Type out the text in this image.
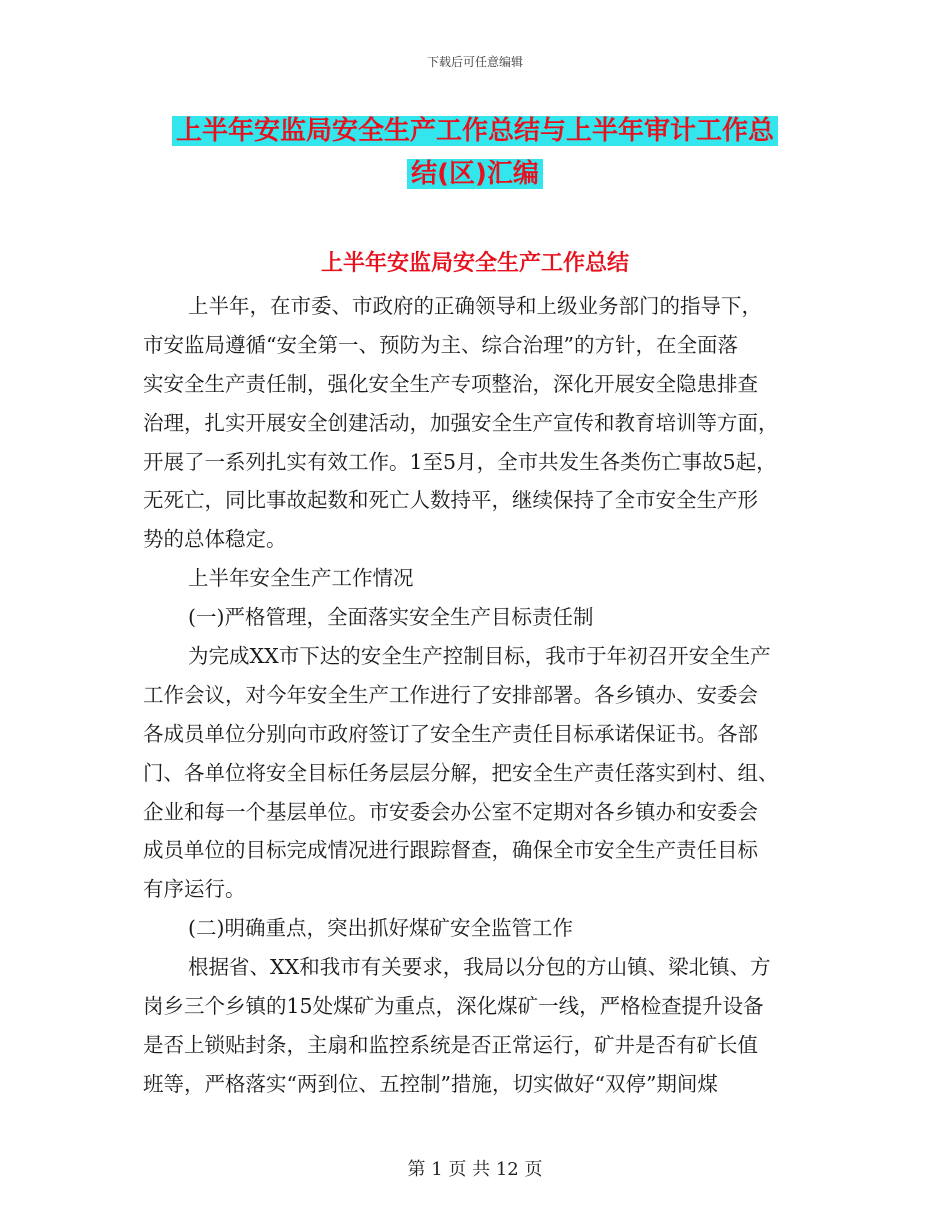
下载后可任意编辑
上半年安监局安全生产工作总结与上半年审计工作总
结(区)汇编
上半年安监局安全生产工作总结
上半年，在市委、市政府的正确领导和上级业务部门的指导下，
市安监局遵循“安全第一、预防为主、综合治理”的方针，在全面落
实安全生产责任制，强化安全生产专项整治，深化开展安全隐患排查
治理，扎实开展安全创建活动，加强安全生产宣传和教育培训等方面，
开展了一系列扎实有效工作。1至5月，全市共发生各类伤亡事故5起，
无死亡，同比事故起数和死亡人数持平，继续保持了全市安全生产形
势的总体稳定。
上半年安全生产工作情况
(一)严格管理，全面落实安全生产目标责任制
为完成XX市下达的安全生产控制目标，我市于年初召开安全生产
工作会议，对今年安全生产工作进行了安排部署。各乡镇办、安委会
各成员单位分别向市政府签订了安全生产责任目标承诺保证书。各部
门、各单位将安全目标任务层层分解，把安全生产责任落实到村、组、
企业和每一个基层单位。市安委会办公室不定期对各乡镇办和安委会
成员单位的目标完成情况进行跟踪督查，确保全市安全生产责任目标
有序运行。
(二)明确重点，突出抓好煤矿安全监管工作
根据省、XX和我市有关要求，我局以分包的方山镇、梁北镇、方
岗乡三个乡镇的15处煤矿为重点，深化煤矿一线，严格检查提升设备
是否上锁贴封条，主扇和监控系统是否正常运行，矿井是否有矿长值
班等，严格落实“两到位、五控制”措施，切实做好“双停”期间煤
第 1 页 共 12 页
